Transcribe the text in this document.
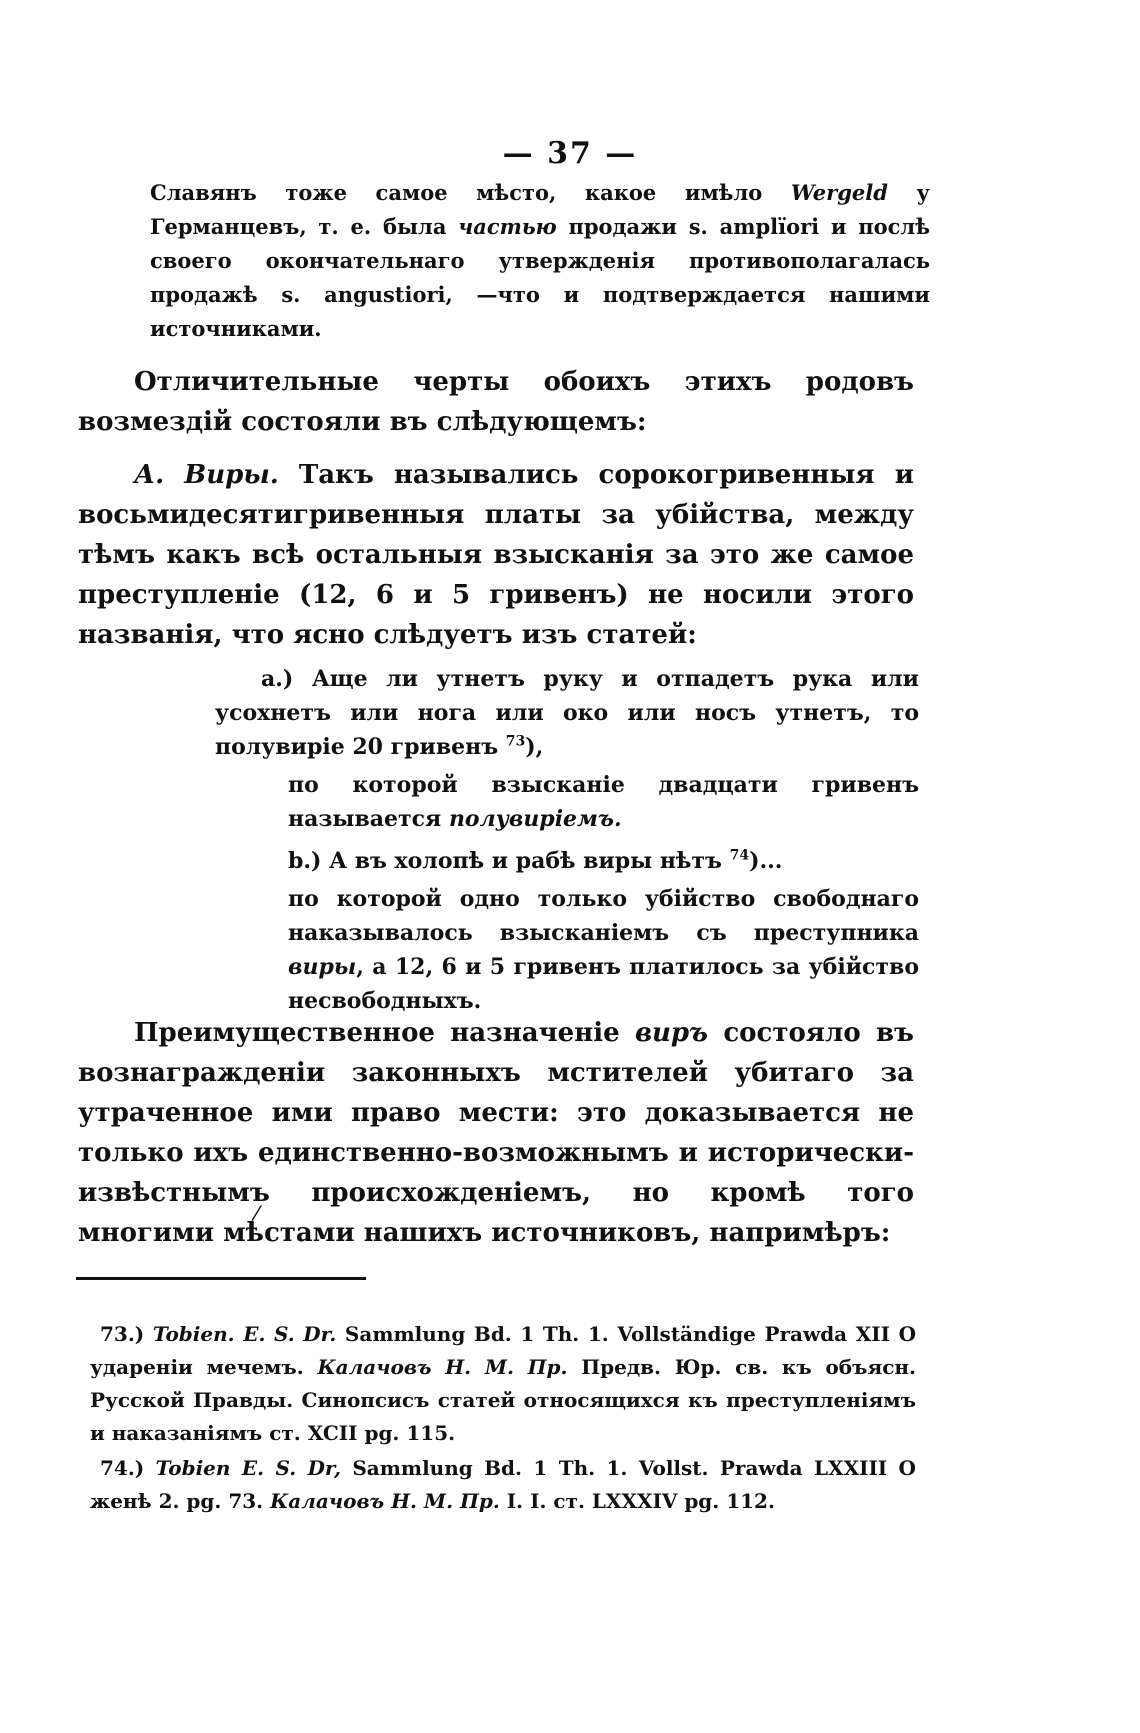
— 37 —
Славянъ тоже самое мѣсто, какое имѣло Wergeld у Германцевъ, т. е. была частью продажи s. amplïori и послѣ своего окончательнаго утвержденія противополагалась продажѣ s. angustiori, —что и подтверждается нашими источниками.
Отличительные черты обоихъ этихъ родовъ возмездій состояли въ слѣдующемъ:
А. Виры. Такъ назывались сорокогривенныя и восьмидесятигривенныя платы за убійства, между тѣмъ какъ всѣ остальныя взысканія за это же самое преступленіе (12, 6 и 5 гривенъ) не носили этого названія, что ясно слѣдуетъ изъ статей:
a.) Аще ли утнетъ руку и отпадетъ рука или усохнетъ или нога или око или носъ утнетъ, то полувиріе 20 гривенъ $^{73}$),
по которой взысканіе двадцати гривенъ называется полувиріемъ.
b.) А въ холопѣ и рабѣ виры нѣтъ $^{74}$)...
по которой одно только убійство свободнаго наказывалось взысканіемъ съ преступника виры, а 12, 6 и 5 гривенъ платилось за убійство несвободныхъ.
Преимущественное назначеніе виръ состояло въ вознагражденіи законныхъ мстителей убитаго за утраченное ими право мести: это доказывается не только ихъ единственно-возможнымъ и исторически-извѣстнымъ происхожденіемъ, но кромѣ того многими мѣстами нашихъ источниковъ, напримѣръ:
⁄
73.) Tobien. E. S. Dr. Sammlung Bd. 1 Th. 1. Vollständige Prawda XII O удареніи мечемъ. Калачовъ Н. М. Пр. Предв. Юр. св. къ объясн. Русской Правды. Синопсисъ статей относящихся къ преступленіямъ и наказаніямъ ст. XCII pg. 115.
74.) Tobien E. S. Dr, Sammlung Bd. 1 Th. 1. Vollst. Prawda LXXIII O женѣ 2. pg. 73. Калачовъ Н. М. Пр. I. I. ст. LXXXIV pg. 112.
